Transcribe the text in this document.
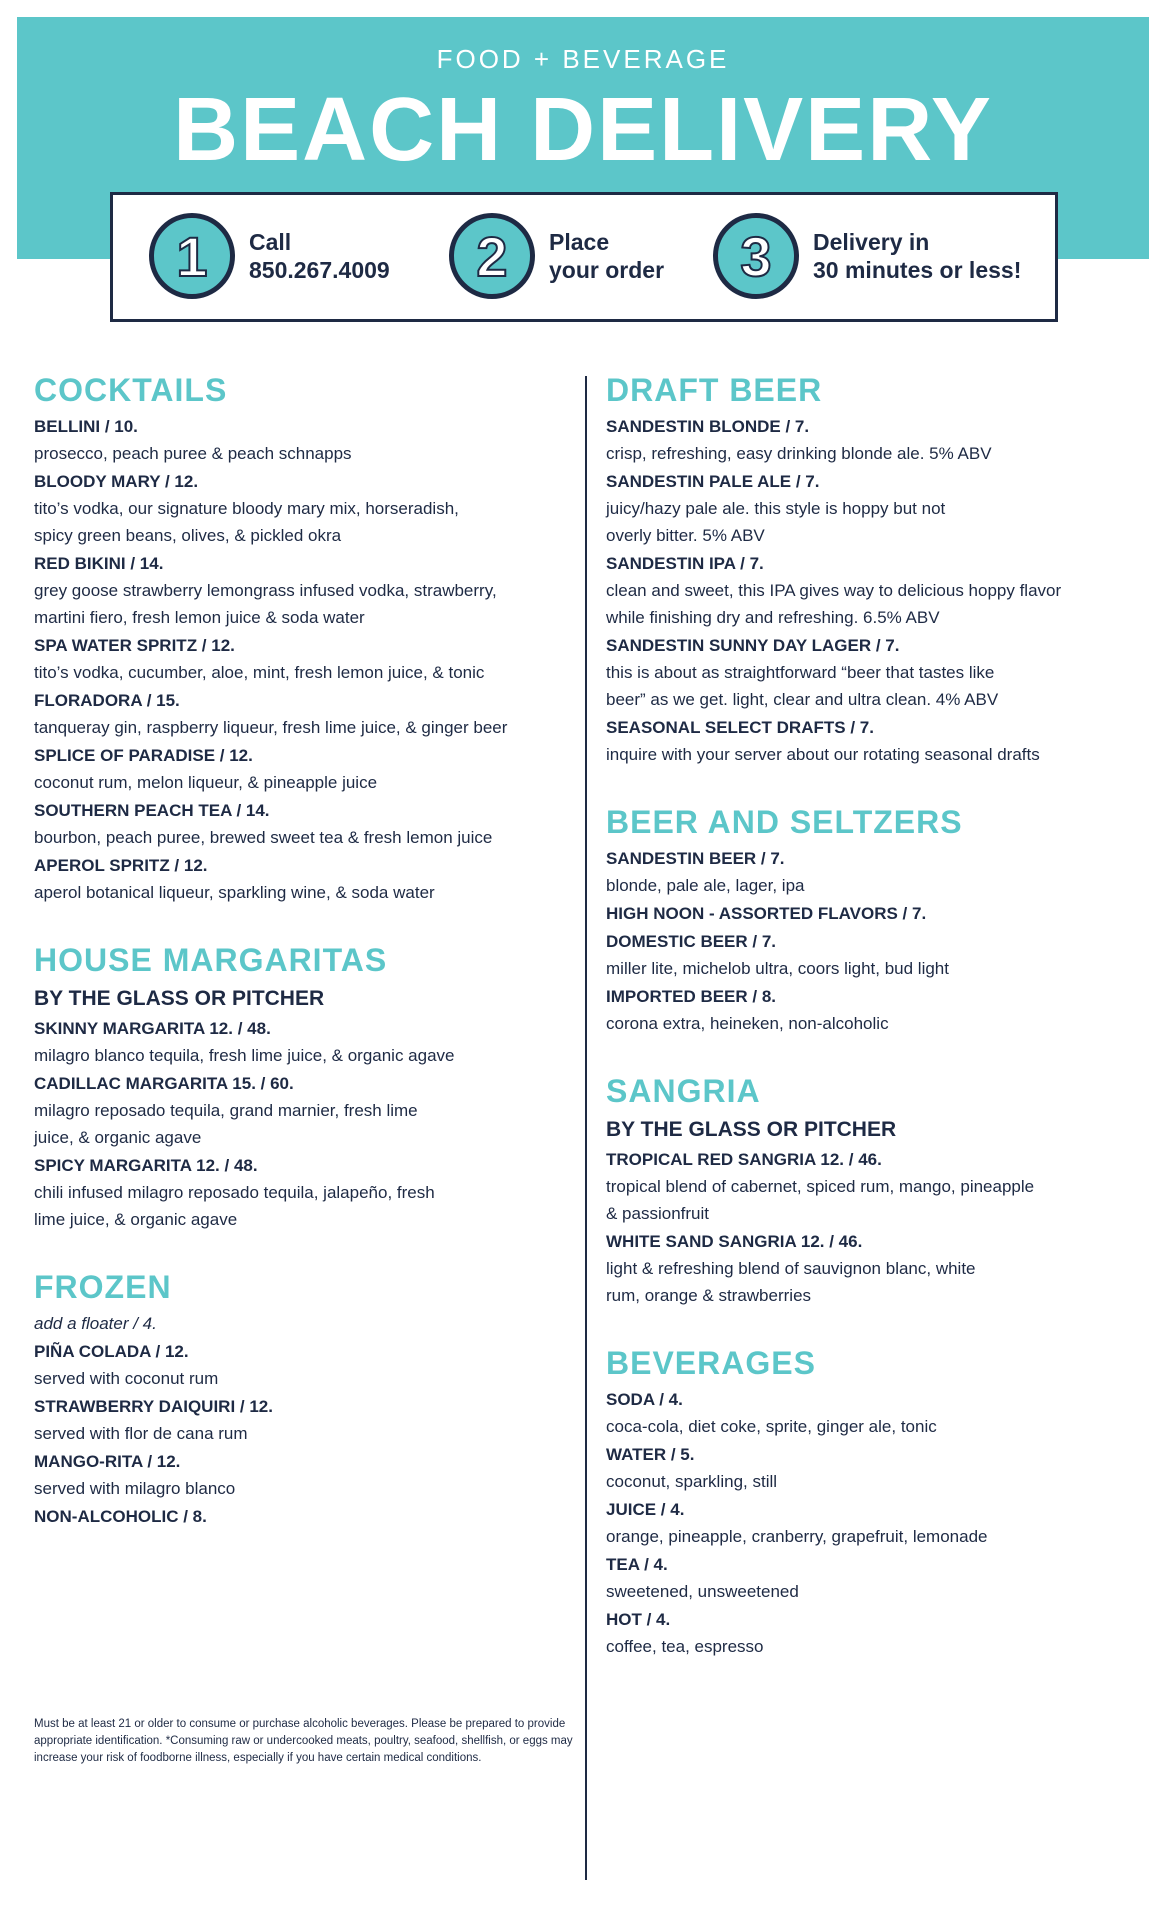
FOOD + BEVERAGE
BEACH DELIVERY
1	Call
850.267.4009	2	Place
your order	3	Delivery in
30 minutes or less!
COCKTAILS
BELLINI / 10.
prosecco, peach puree & peach schnapps
BLOODY MARY / 12.
tito’s vodka, our signature bloody mary mix, horseradish,
spicy green beans, olives, & pickled okra
RED BIKINI / 14.
grey goose strawberry lemongrass infused vodka, strawberry,
martini fiero, fresh lemon juice & soda water
SPA WATER SPRITZ / 12.
tito’s vodka, cucumber, aloe, mint, fresh lemon juice, & tonic
FLORADORA / 15.
tanqueray gin, raspberry liqueur, fresh lime juice, & ginger beer
SPLICE OF PARADISE / 12.
coconut rum, melon liqueur, & pineapple juice
SOUTHERN PEACH TEA / 14.
bourbon, peach puree, brewed sweet tea & fresh lemon juice
APEROL SPRITZ / 12.
aperol botanical liqueur, sparkling wine, & soda water
HOUSE MARGARITAS
BY THE GLASS OR PITCHER
SKINNY MARGARITA 12. / 48.
milagro blanco tequila, fresh lime juice, & organic agave
CADILLAC MARGARITA 15. / 60.
milagro reposado tequila, grand marnier, fresh lime
juice, & organic agave
SPICY MARGARITA 12. / 48.
chili infused milagro reposado tequila, jalapeño, fresh
lime juice, & organic agave
FROZEN
add a floater / 4.
PIÑA COLADA / 12.
served with coconut rum
STRAWBERRY DAIQUIRI / 12.
served with flor de cana rum
MANGO-RITA / 12.
served with milagro blanco
NON-ALCOHOLIC / 8.
DRAFT BEER
SANDESTIN BLONDE / 7.
crisp, refreshing, easy drinking blonde ale. 5% ABV
SANDESTIN PALE ALE / 7.
juicy/hazy pale ale. this style is hoppy but not
overly bitter. 5% ABV
SANDESTIN IPA / 7.
clean and sweet, this IPA gives way to delicious hoppy flavor
while finishing dry and refreshing. 6.5% ABV
SANDESTIN SUNNY DAY LAGER / 7.
this is about as straightforward “beer that tastes like
beer” as we get. light, clear and ultra clean. 4% ABV
SEASONAL SELECT DRAFTS / 7.
inquire with your server about our rotating seasonal drafts
BEER AND SELTZERS
SANDESTIN BEER / 7.
blonde, pale ale, lager, ipa
HIGH NOON - ASSORTED FLAVORS / 7.
DOMESTIC BEER / 7.
miller lite, michelob ultra, coors light, bud light
IMPORTED BEER / 8.
corona extra, heineken, non-alcoholic
SANGRIA
BY THE GLASS OR PITCHER
TROPICAL RED SANGRIA 12. / 46.
tropical blend of cabernet, spiced rum, mango, pineapple
& passionfruit
WHITE SAND SANGRIA 12. / 46.
light & refreshing blend of sauvignon blanc, white
rum, orange & strawberries
BEVERAGES
SODA / 4.
coca-cola, diet coke, sprite, ginger ale, tonic
WATER / 5.
coconut, sparkling, still
JUICE / 4.
orange, pineapple, cranberry, grapefruit, lemonade
TEA / 4.
sweetened, unsweetened
HOT / 4.
coffee, tea, espresso
Must be at least 21 or older to consume or purchase alcoholic beverages. Please be prepared to provide appropriate identification. *Consuming raw or undercooked meats, poultry, seafood, shellfish, or eggs may increase your risk of foodborne illness, especially if you have certain medical conditions.
